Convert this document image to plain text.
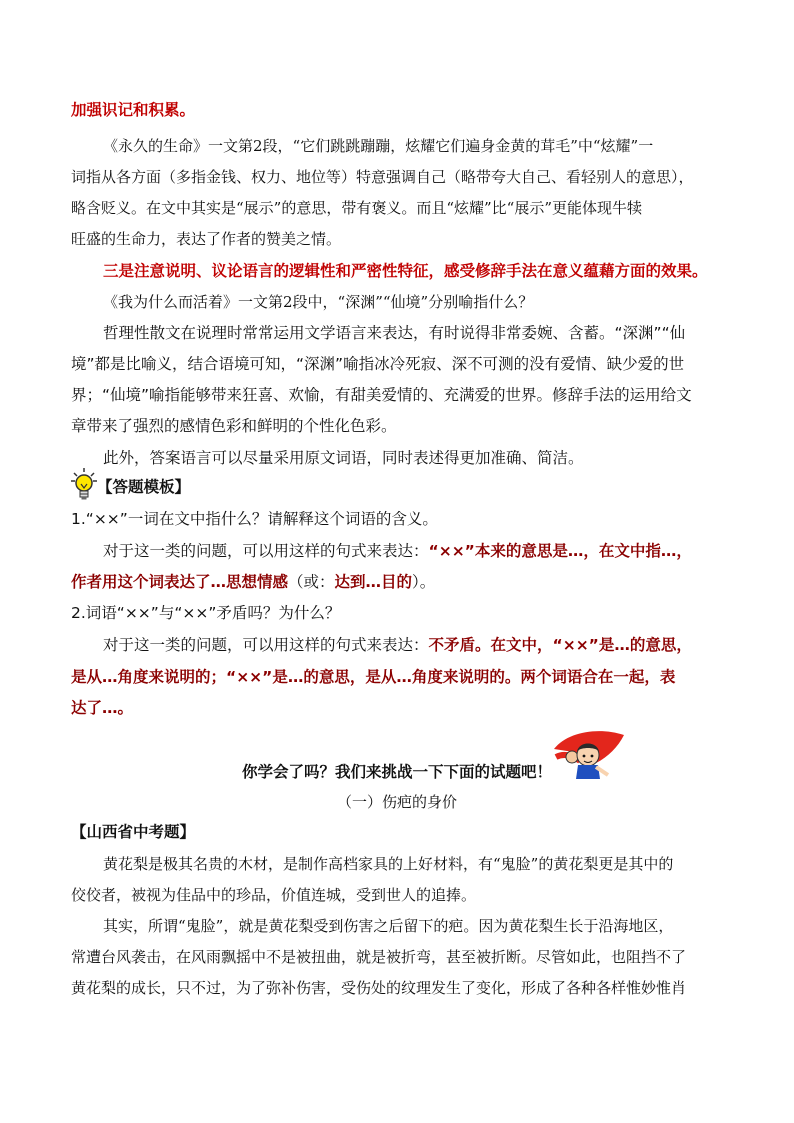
加强识记和积累。
《永久的生命》一文第2段，“它们跳跳蹦蹦，炫耀它们遍身金黄的茸毛”中“炫耀”一
词指从各方面（多指金钱、权力、地位等）特意强调自己（略带夸大自己、看轻别人的意思），
略含贬义。在文中其实是“展示”的意思，带有褒义。而且“炫耀”比“展示”更能体现牛犊
旺盛的生命力，表达了作者的赞美之情。
三是注意说明、议论语言的逻辑性和严密性特征，感受修辞手法在意义蕴藉方面的效果。
《我为什么而活着》一文第2段中，“深渊”“仙境”分别喻指什么？
哲理性散文在说理时常常运用文学语言来表达，有时说得非常委婉、含蓄。“深渊”“仙
境”都是比喻义，结合语境可知，“深渊”喻指冰冷死寂、深不可测的没有爱情、缺少爱的世
界；“仙境”喻指能够带来狂喜、欢愉，有甜美爱情的、充满爱的世界。修辞手法的运用给文
章带来了强烈的感情色彩和鲜明的个性化色彩。
此外，答案语言可以尽量采用原文词语，同时表述得更加准确、简洁。
【答题模板】
1.“××”一词在文中指什么？请解释这个词语的含义。
对于这一类的问题，可以用这样的句式来表达：“××”本来的意思是…，在文中指…，
作者用这个词表达了…思想情感（或：达到…目的）。
2.词语“××”与“××”矛盾吗？为什么？
对于这一类的问题，可以用这样的句式来表达：不矛盾。在文中，“××”是…的意思，
是从…角度来说明的；“××”是…的意思，是从…角度来说明的。两个词语合在一起，表
达了…。
你学会了吗？我们来挑战一下下面的试题吧！
（一）伤疤的身价
【山西省中考题】
黄花梨是极其名贵的木材，是制作高档家具的上好材料，有“鬼脸”的黄花梨更是其中的
佼佼者，被视为佳品中的珍品，价值连城，受到世人的追捧。
其实，所谓“鬼脸”，就是黄花梨受到伤害之后留下的疤。因为黄花梨生长于沿海地区，
常遭台风袭击，在风雨飘摇中不是被扭曲，就是被折弯，甚至被折断。尽管如此，也阻挡不了
黄花梨的成长，只不过，为了弥补伤害，受伤处的纹理发生了变化，形成了各种各样惟妙惟肖
